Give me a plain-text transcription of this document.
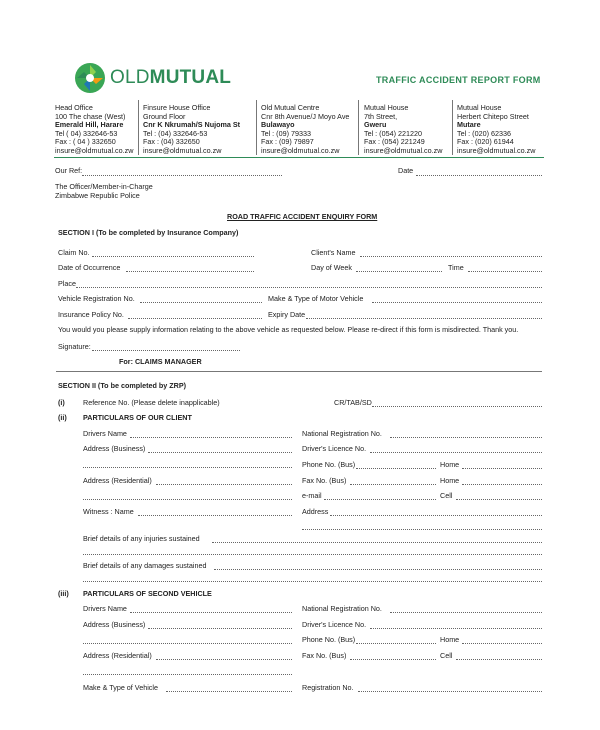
OLDMUTUAL	TRAFFIC ACCIDENT REPORT FORM
Head Office
100 The chase (West)
Emerald Hill, Harare
Tel ( 04) 332646-53
Fax : ( 04 ) 332650
insure@oldmutual.co.zw
Finsure House Office
Ground Floor
Cnr K Nkrumah/S Nujoma St
Tel : (04) 332646-53
Fax : (04) 332650
insure@oldmutual.co.zw
Old Mutual Centre
Cnr 8th Avenue/J Moyo Ave
Bulawayo
Tel : (09) 79333
Fax : (09) 79897
insure@oldmutual.co.zw
Mutual House
7th Street,
Gweru
Tel : (054) 221220
Fax : (054) 221249
insure@oldmutual.co.zw
Mutual House
Herbert Chitepo Street
Mutare
Tel : (020) 62336
Fax : (020) 61944
insure@oldmutual.co.zw
Our Ref:	Date
The Officer/Member-in-Charge
Zimbabwe Republic Police
ROAD TRAFFIC ACCIDENT ENQUIRY FORM
SECTION I (To be completed by Insurance Company)
Claim No.	Client's Name
Date of Occurrence	Day of Week	Time
Place
Vehicle Registration No.	Make & Type of Motor Vehicle
Insurance Policy No.	Expiry Date
You would you please supply information relating to the above vehicle as requested below. Please re-direct if this form is misdirected. Thank you.
Signature:
For: CLAIMS MANAGER
SECTION II (To be completed by ZRP)
(i)	Reference No. (Please delete inapplicable)	CR/TAB/SD
(ii) PARTICULARS OF OUR CLIENT
Drivers Name	National Registration No.
Address (Business)	Driver's Licence No.
Phone No. (Bus)	Home
Address (Residential)	Fax No. (Bus)	Home
e-mail	Cell
Witness : Name	Address
Brief details of any injuries sustained
Brief details of any damages sustained
(iii) PARTICULARS OF SECOND VEHICLE
Drivers Name	National Registration No.
Address (Business)	Driver's Licence No.
Phone No. (Bus)	Home
Address (Residential)	Fax No. (Bus)	Cell
Make & Type of Vehicle	Registration No.
